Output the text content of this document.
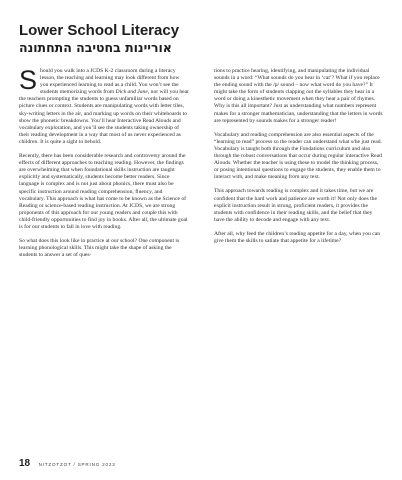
Lower School Literacy
אוריינות בחטיבה התחתונה

Should you walk into a JCDS K-2 classroom during a literacy lesson, the teaching and learning may look different from how you experienced learning to read as a child. You won’t see the students memorizing words from Dick and Jane, nor will you hear the teachers prompting the students to guess unfamiliar words based on picture clues or context. Students are manipulating words with letter tiles, sky-writing letters in the air, and marking up words on their whiteboards to show the phonetic breakdowns. You’ll hear Interactive Read Alouds and vocabulary exploration, and you’ll see the students taking ownership of their reading development in a way that most of us never experienced as children. It is quite a sight to behold.

Recently, there has been considerable research and controversy around the effects of different approaches to teaching reading. However, the findings are overwhelming that when foundational skills instruction are taught explicitly and systematically, students become better readers. Since language is complex and is not just about phonics, there must also be specific instruction around reading comprehension, fluency, and vocabulary. This approach is what has come to be known as the Science of Reading or science-based reading instruction. At JCDS, we are strong proponents of this approach for our young readers and couple this with child-friendly opportunities to find joy in books. After all, the ultimate goal is for our students to fall in love with reading.

So what does this look like in practice at our school? One component is learning phonological skills. This might take the shape of asking the students to answer a set of ques-

tions to practice hearing, identifying, and manipulating the individual sounds in a word: “What sounds do you hear in ‘cat’? What if you replace the ending sound with the /p/ sound – now what word do you have?” It might take the form of students clapping out the syllables they hear in a word or doing a kinesthetic movement when they hear a pair of rhymes. Why is this all important? Just as understanding what numbers represent makes for a stronger mathematician, understanding that the letters in words are represented by sounds makes for a stronger reader!

Vocabulary and reading comprehension are also essential aspects of the “learning to read” process so the reader can understand what s/he just read. Vocabulary is taught both through the Fundations curriculum and also through the robust conversations that occur during regular interactive Read Alouds. Whether the teacher is using these to model the thinking process, or posing intentional questions to engage the students, they enable them to interact with, and make meaning from any text.

This approach towards reading is complex and it takes time, but we are confident that the hard work and patience are worth it! Not only does the explicit instruction result in strong, proficient readers, it provides the students with confidence in their reading skills, and the belief that they have the ability to decode and engage with any text.

After all, why feed the children’s reading appetite for a day, when you can give them the skills to satiate that appetite for a lifetime?

18 NITZOTZOT / SPRING 2023
